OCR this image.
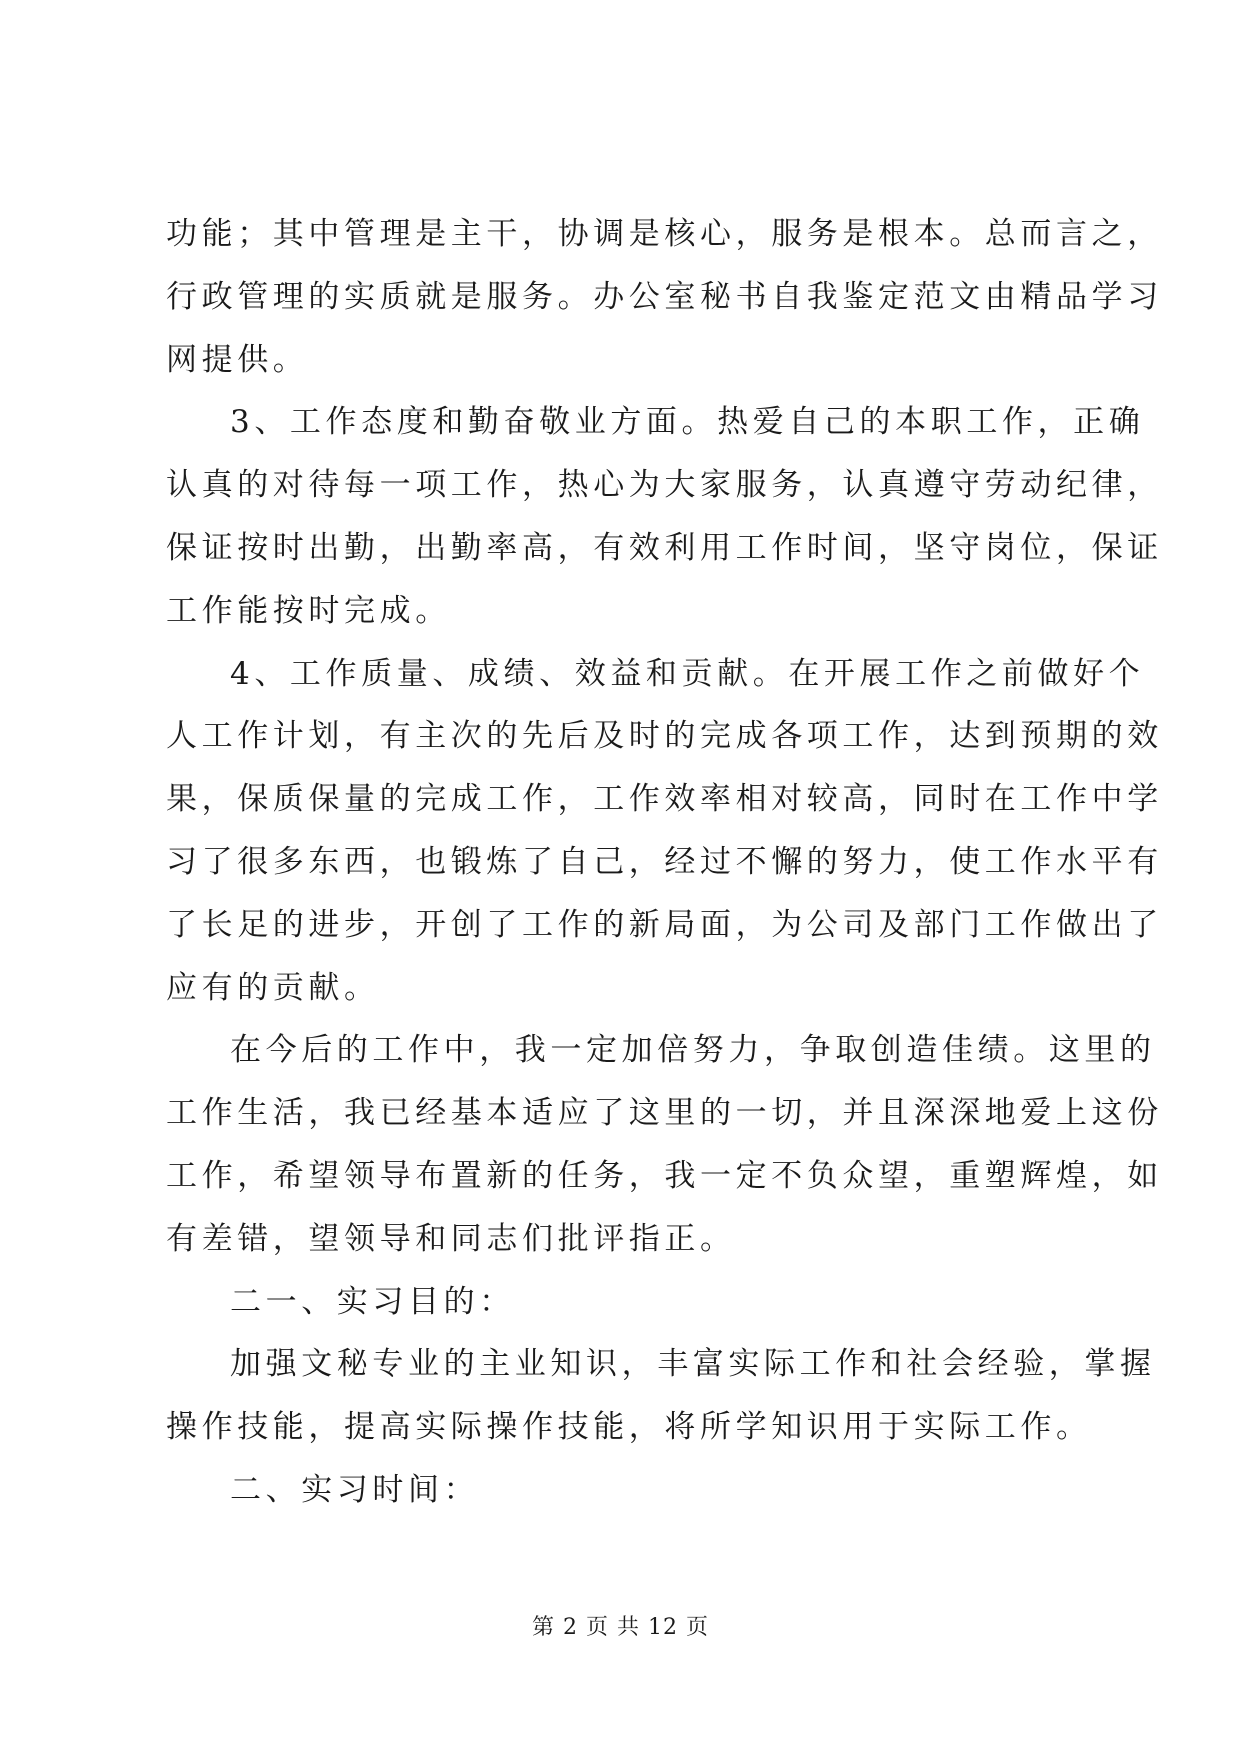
功能；其中管理是主干，协调是核心，服务是根本。总而言之，
行政管理的实质就是服务。办公室秘书自我鉴定范文由精品学习
网提供。
3、工作态度和勤奋敬业方面。热爱自己的本职工作，正确
认真的对待每一项工作，热心为大家服务，认真遵守劳动纪律，
保证按时出勤，出勤率高，有效利用工作时间，坚守岗位，保证
工作能按时完成。
4、工作质量、成绩、效益和贡献。在开展工作之前做好个
人工作计划，有主次的先后及时的完成各项工作，达到预期的效
果，保质保量的完成工作，工作效率相对较高，同时在工作中学
习了很多东西，也锻炼了自己，经过不懈的努力，使工作水平有
了长足的进步，开创了工作的新局面，为公司及部门工作做出了
应有的贡献。
在今后的工作中，我一定加倍努力，争取创造佳绩。这里的
工作生活，我已经基本适应了这里的一切，并且深深地爱上这份
工作，希望领导布置新的任务，我一定不负众望，重塑辉煌，如
有差错，望领导和同志们批评指正。
二一、实习目的：
加强文秘专业的主业知识，丰富实际工作和社会经验，掌握
操作技能，提高实际操作技能，将所学知识用于实际工作。
二、实习时间：
第 2 页 共 12 页
